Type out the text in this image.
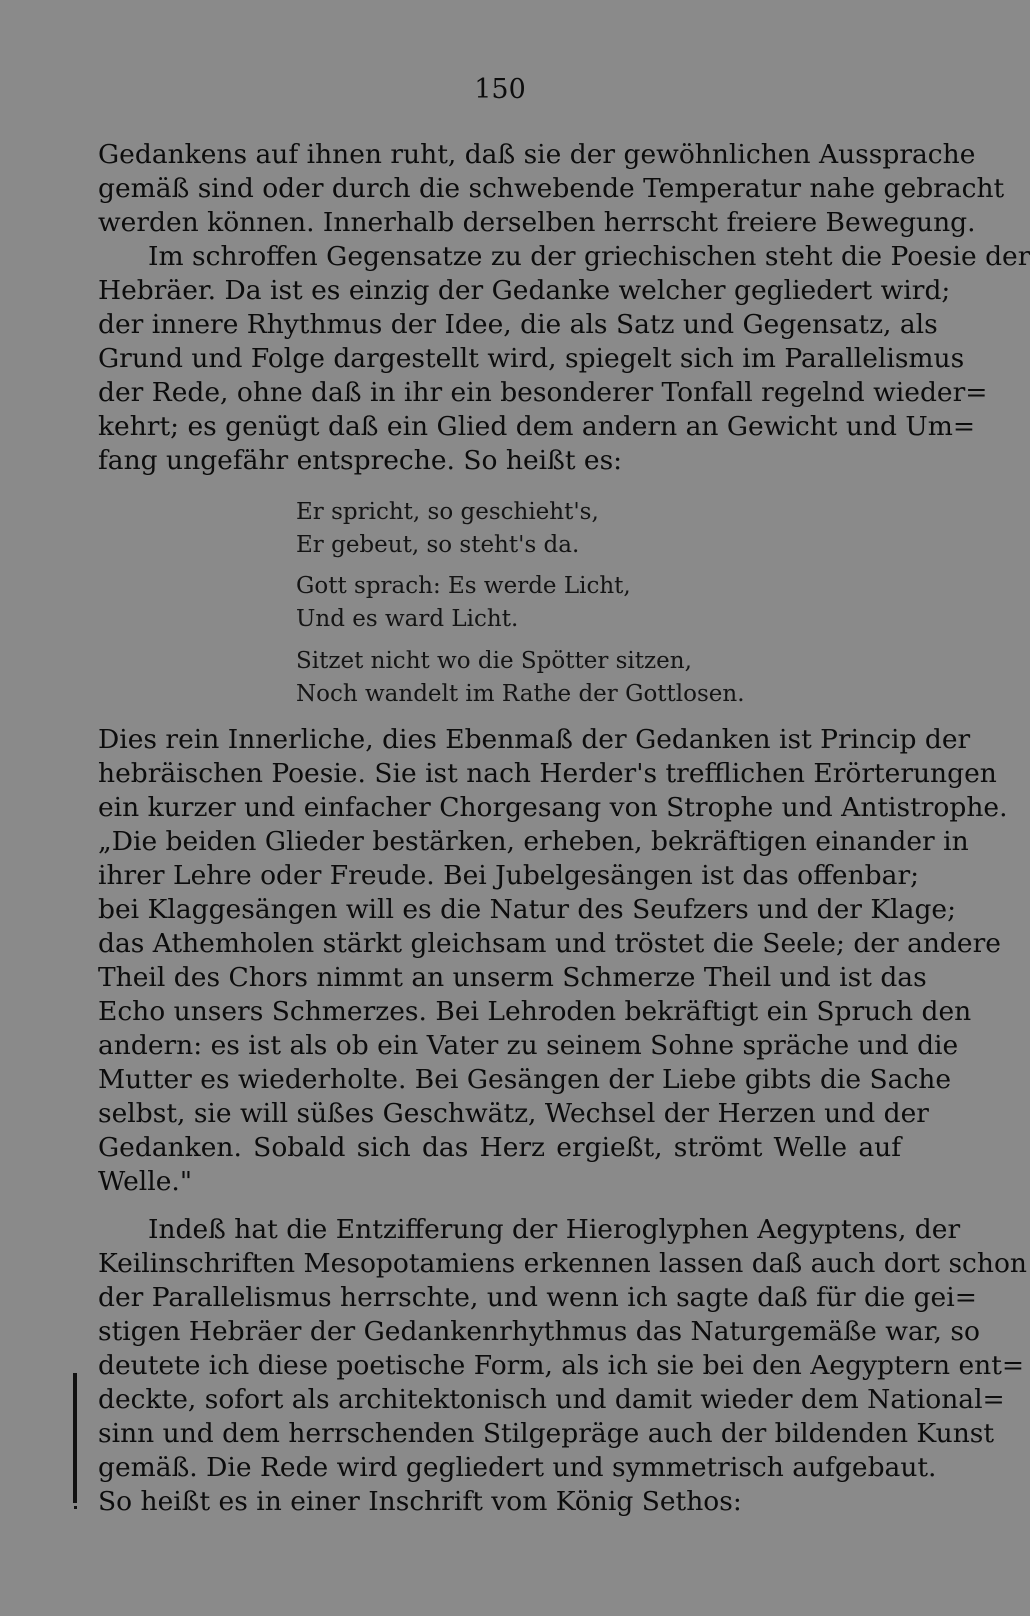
150
Gedankens auf ihnen ruht, daß sie der gewöhnlichen Aussprache
gemäß sind oder durch die schwebende Temperatur nahe gebracht
werden können. Innerhalb derselben herrscht freiere Bewegung.
Im schroffen Gegensatze zu der griechischen steht die Poesie der
Hebräer. Da ist es einzig der Gedanke welcher gegliedert wird;
der innere Rhythmus der Idee, die als Satz und Gegensatz, als
Grund und Folge dargestellt wird, spiegelt sich im Parallelismus
der Rede, ohne daß in ihr ein besonderer Tonfall regelnd wieder=
kehrt; es genügt daß ein Glied dem andern an Gewicht und Um=
fang ungefähr entspreche. So heißt es:
Er spricht, so geschieht's,
Er gebeut, so steht's da.
Gott sprach: Es werde Licht,
Und es ward Licht.
Sitzet nicht wo die Spötter sitzen,
Noch wandelt im Rathe der Gottlosen.
Dies rein Innerliche, dies Ebenmaß der Gedanken ist Princip der
hebräischen Poesie. Sie ist nach Herder's trefflichen Erörterungen
ein kurzer und einfacher Chorgesang von Strophe und Antistrophe.
„Die beiden Glieder bestärken, erheben, bekräftigen einander in
ihrer Lehre oder Freude. Bei Jubelgesängen ist das offenbar;
bei Klaggesängen will es die Natur des Seufzers und der Klage;
das Athemholen stärkt gleichsam und tröstet die Seele; der andere
Theil des Chors nimmt an unserm Schmerze Theil und ist das
Echo unsers Schmerzes. Bei Lehroden bekräftigt ein Spruch den
andern: es ist als ob ein Vater zu seinem Sohne spräche und die
Mutter es wiederholte. Bei Gesängen der Liebe gibts die Sache
selbst, sie will süßes Geschwätz, Wechsel der Herzen und der
Gedanken. Sobald sich das Herz ergießt, strömt Welle auf
Welle."
Indeß hat die Entzifferung der Hieroglyphen Aegyptens, der
Keilinschriften Mesopotamiens erkennen lassen daß auch dort schon
der Parallelismus herrschte, und wenn ich sagte daß für die gei=
stigen Hebräer der Gedankenrhythmus das Naturgemäße war, so
deutete ich diese poetische Form, als ich sie bei den Aegyptern ent=
deckte, sofort als architektonisch und damit wieder dem National=
sinn und dem herrschenden Stilgepräge auch der bildenden Kunst
gemäß. Die Rede wird gegliedert und symmetrisch aufgebaut.
So heißt es in einer Inschrift vom König Sethos:
